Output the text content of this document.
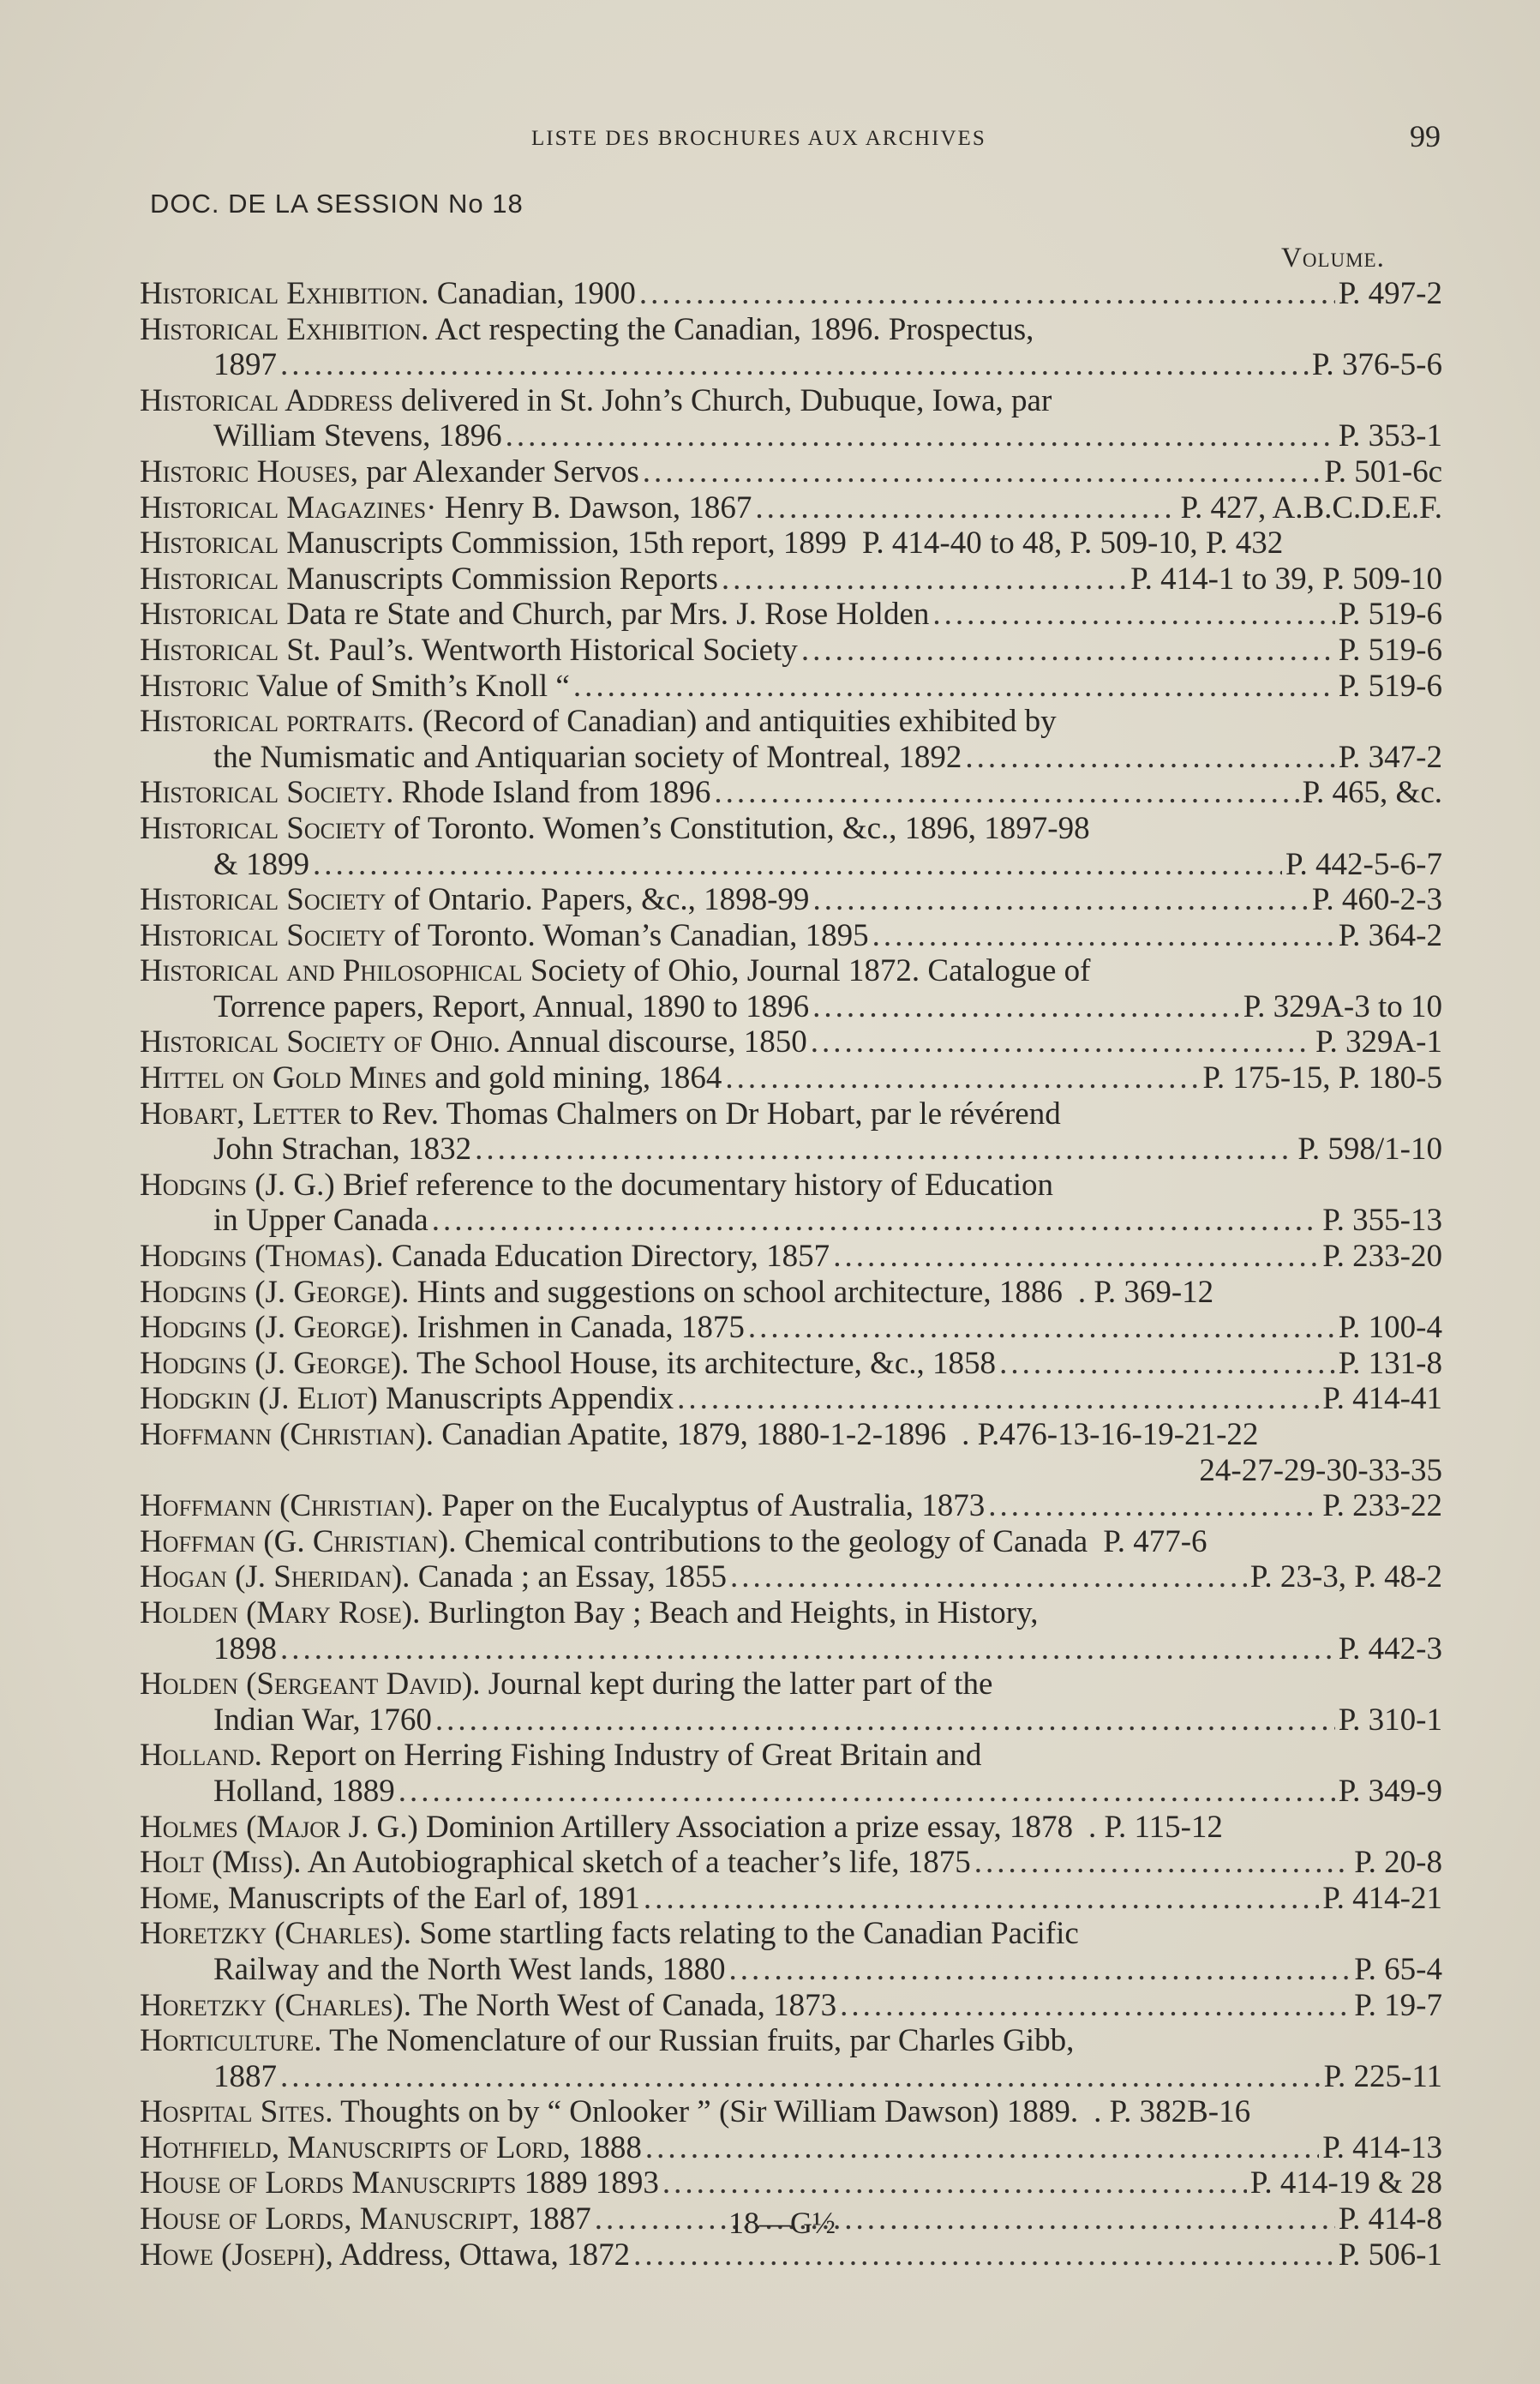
LISTE DES BROCHURES AUX ARCHIVES	99
DOC. DE LA SESSION No 18
Volume.
Historical Exhibition. Canadian, 1900 .....	P. 497-2
Historical Exhibition. Act respecting the Canadian, 1896. Prospectus,
1897 .....	P. 376-5-6
Historical Address delivered in St. John’s Church, Dubuque, Iowa, par
William Stevens, 1896 .....	P. 353-1
Historic Houses, par Alexander Servos .....	P. 501-6c
Historical Magazines· Henry B. Dawson, 1867 .....	P. 427, A.B.C.D.E.F.
Historical Manuscripts Commission, 15th report, 1899 P. 414-40 to 48, P. 509-10, P. 432
Historical Manuscripts Commission Reports .....	P. 414-1 to 39, P. 509-10
Historical Data re State and Church, par Mrs. J. Rose Holden .....	P. 519-6
Historical St. Paul’s. Wentworth Historical Society .....	P. 519-6
Historic Value of Smith’s Knoll “ .....	P. 519-6
Historical portraits. (Record of Canadian) and antiquities exhibited by
the Numismatic and Antiquarian society of Montreal, 1892 .....	P. 347-2
Historical Society. Rhode Island from 1896 .....	P. 465, &c.
Historical Society of Toronto. Women’s Constitution, &c., 1896, 1897-98
& 1899 .....	P. 442-5-6-7
Historical Society of Ontario. Papers, &c., 1898-99 .....	P. 460-2-3
Historical Society of Toronto. Woman’s Canadian, 1895 .....	P. 364-2
Historical and Philosophical Society of Ohio, Journal 1872. Catalogue of
Torrence papers, Report, Annual, 1890 to 1896 .....	P. 329A-3 to 10
Historical Society of Ohio. Annual discourse, 1850 .....	P. 329A-1
Hittel on Gold Mines and gold mining, 1864 .....	P. 175-15, P. 180-5
Hobart, Letter to Rev. Thomas Chalmers on Dr Hobart, par le révérend
John Strachan, 1832 .....	P. 598/1-10
Hodgins (J. G.) Brief reference to the documentary history of Education
in Upper Canada .....	P. 355-13
Hodgins (Thomas). Canada Education Directory, 1857 .....	P. 233-20
Hodgins (J. George). Hints and suggestions on school architecture, 1886 . P. 369-12
Hodgins (J. George). Irishmen in Canada, 1875 .....	P. 100-4
Hodgins (J. George). The School House, its architecture, &c., 1858 .....	P. 131-8
Hodgkin (J. Eliot) Manuscripts Appendix .....	P. 414-41
Hoffmann (Christian). Canadian Apatite, 1879, 1880-1-2-1896 . P.476-13-16-19-21-22
24-27-29-30-33-35
Hoffmann (Christian). Paper on the Eucalyptus of Australia, 1873 .....	P. 233-22
Hoffman (G. Christian). Chemical contributions to the geology of Canada P. 477-6
Hogan (J. Sheridan). Canada ; an Essay, 1855 .....	P. 23-3, P. 48-2
Holden (Mary Rose). Burlington Bay ; Beach and Heights, in History,
1898 .....	P. 442-3
Holden (Sergeant David). Journal kept during the latter part of the
Indian War, 1760 .....	P. 310-1
Holland. Report on Herring Fishing Industry of Great Britain and
Holland, 1889 .....	P. 349-9
Holmes (Major J. G.) Dominion Artillery Association a prize essay, 1878 . P. 115-12
Holt (Miss). An Autobiographical sketch of a teacher’s life, 1875 .....	P. 20-8
Home, Manuscripts of the Earl of, 1891 .....	P. 414-21
Horetzky (Charles). Some startling facts relating to the Canadian Pacific
Railway and the North West lands, 1880 .....	P. 65-4
Horetzky (Charles). The North West of Canada, 1873 .....	P. 19-7
Horticulture. The Nomenclature of our Russian fruits, par Charles Gibb,
1887 .....	P. 225-11
Hospital Sites. Thoughts on by “ Onlooker ” (Sir William Dawson) 1889. . P. 382B-16
Hothfield, Manuscripts of Lord, 1888 .....	P. 414-13
House of Lords Manuscripts 1889 1893 .....	P. 414-19 & 28
House of Lords, Manuscript, 1887 .....	P. 414-8
Howe (Joseph), Address, Ottawa, 1872 .....	P. 506-1
18—G½
